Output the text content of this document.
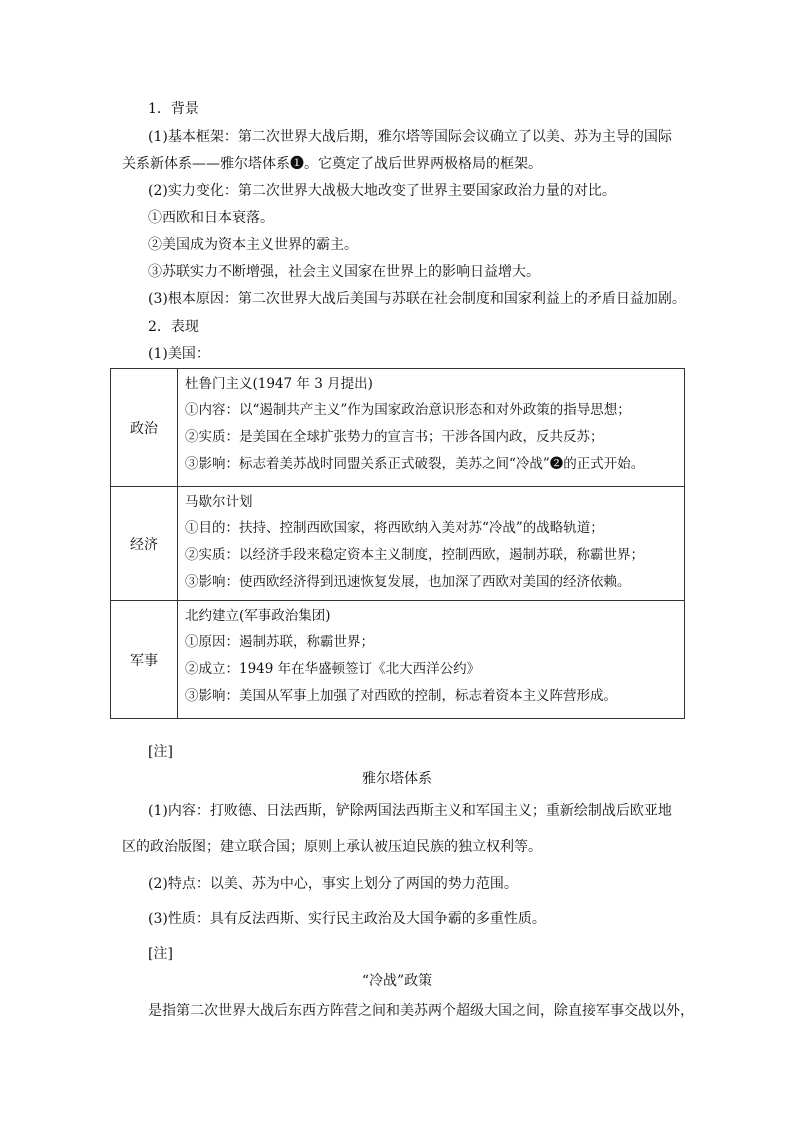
1．背景
(1)基本框架：第二次世界大战后期，雅尔塔等国际会议确立了以美、苏为主导的国际
关系新体系——雅尔塔体系❶。它奠定了战后世界两极格局的框架。
(2)实力变化：第二次世界大战极大地改变了世界主要国家政治力量的对比。
①西欧和日本衰落。
②美国成为资本主义世界的霸主。
③苏联实力不断增强，社会主义国家在世界上的影响日益增大。
(3)根本原因：第二次世界大战后美国与苏联在社会制度和国家利益上的矛盾日益加剧。
2．表现
(1)美国：
政治	杜鲁门主义(1947 年 3 月提出)
①内容：以“遏制共产主义”作为国家政治意识形态和对外政策的指导思想；
②实质：是美国在全球扩张势力的宣言书；干涉各国内政，反共反苏；
③影响：标志着美苏战时同盟关系正式破裂，美苏之间“冷战”❷的正式开始。

经济	马歇尔计划
①目的：扶持、控制西欧国家，将西欧纳入美对苏“冷战”的战略轨道；
②实质：以经济手段来稳定资本主义制度，控制西欧，遏制苏联，称霸世界；
③影响：使西欧经济得到迅速恢复发展，也加深了西欧对美国的经济依赖。

军事	北约建立(军事政治集团)
①原因：遏制苏联，称霸世界；
②成立：1949 年在华盛顿签订《北大西洋公约》
③影响：美国从军事上加强了对西欧的控制，标志着资本主义阵营形成。
[注]
雅尔塔体系
(1)内容：打败德、日法西斯，铲除两国法西斯主义和军国主义；重新绘制战后欧亚地
区的政治版图；建立联合国；原则上承认被压迫民族的独立权利等。
(2)特点：以美、苏为中心，事实上划分了两国的势力范围。
(3)性质：具有反法西斯、实行民主政治及大国争霸的多重性质。
[注]
“冷战”政策
是指第二次世界大战后东西方阵营之间和美苏两个超级大国之间，除直接军事交战以外，
